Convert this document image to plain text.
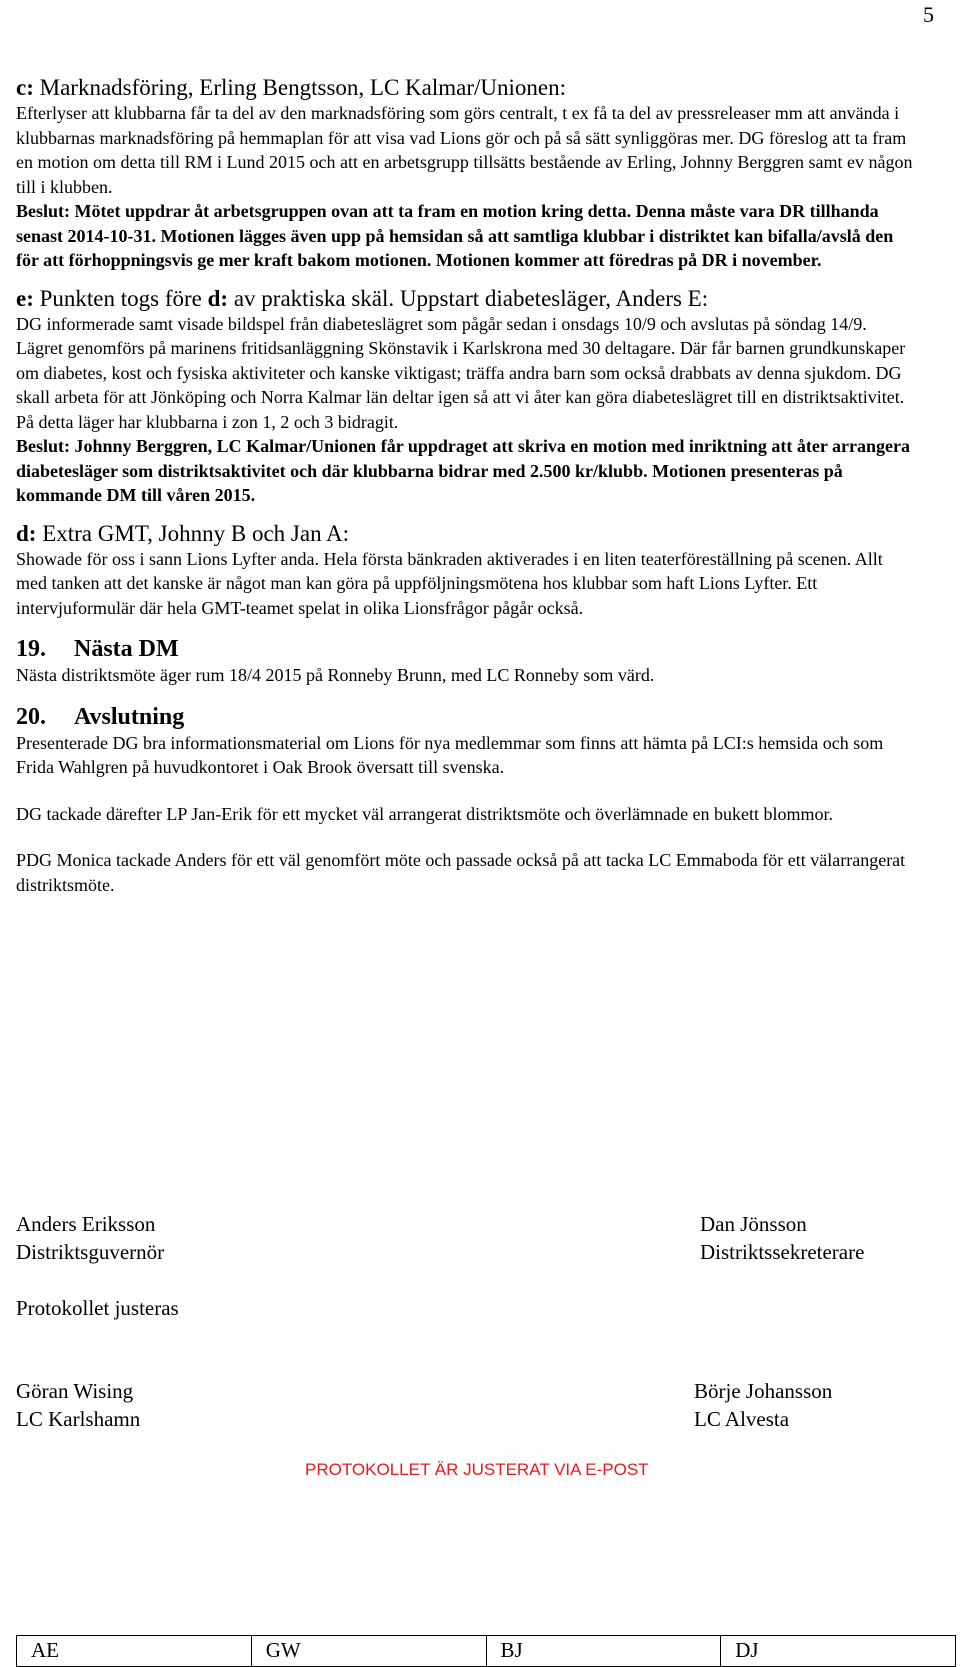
5
c: Marknadsföring, Erling Bengtsson, LC Kalmar/Unionen:

Efterlyser att klubbarna får ta del av den marknadsföring som görs centralt, t ex få ta del av pressreleaser mm att använda i klubbarnas marknadsföring på hemmaplan för att visa vad Lions gör och på så sätt synliggöras mer. DG föreslog att ta fram en motion om detta till RM i Lund 2015 och att en arbetsgrupp tillsätts bestående av Erling, Johnny Berggren samt ev någon till i klubben.

Beslut: Mötet uppdrar åt arbetsgruppen ovan att ta fram en motion kring detta. Denna måste vara DR tillhanda senast 2014-10-31. Motionen lägges även upp på hemsidan så att samtliga klubbar i distriktet kan bifalla/avslå den för att förhoppningsvis ge mer kraft bakom motionen. Motionen kommer att föredras på DR i november.

e: Punkten togs före d: av praktiska skäl. Uppstart diabetesläger, Anders E:

DG informerade samt visade bildspel från diabeteslägret som pågår sedan i onsdags 10/9 och avslutas på söndag 14/9. Lägret genomförs på marinens fritidsanläggning Skönstavik i Karlskrona med 30 deltagare. Där får barnen grundkunskaper om diabetes, kost och fysiska aktiviteter och kanske viktigast; träffa andra barn som också drabbats av denna sjukdom. DG skall arbeta för att Jönköping och Norra Kalmar län deltar igen så att vi åter kan göra diabeteslägret till en distriktsaktivitet. På detta läger har klubbarna i zon 1, 2 och 3 bidragit.

Beslut: Johnny Berggren, LC Kalmar/Unionen får uppdraget att skriva en motion med inriktning att åter arrangera diabetesläger som distriktsaktivitet och där klubbarna bidrar med 2.500 kr/klubb. Motionen presenteras på kommande DM till våren 2015.

d: Extra GMT, Johnny B och Jan A:

Showade för oss i sann Lions Lyfter anda. Hela första bänkraden aktiverades i en liten teaterföreställning på scenen. Allt med tanken att det kanske är något man kan göra på uppföljningsmötena hos klubbar som haft Lions Lyfter. Ett intervjuformulär där hela GMT-teamet spelat in olika Lionsfrågor pågår också.

19. Nästa DM

Nästa distriktsmöte äger rum 18/4 2015 på Ronneby Brunn, med LC Ronneby som värd.

20. Avslutning

Presenterade DG bra informationsmaterial om Lions för nya medlemmar som finns att hämta på LCI:s hemsida och som Frida Wahlgren på huvudkontoret i Oak Brook översatt till svenska.

DG tackade därefter LP Jan-Erik för ett mycket väl arrangerat distriktsmöte och överlämnade en bukett blommor.

PDG Monica tackade Anders för ett väl genomfört möte och passade också på att tacka LC Emmaboda för ett välarrangerat distriktsmöte.

Anders Eriksson
Distriktsguvernör
Dan Jönsson
Distriktssekreterare
Protokollet justeras
Göran Wising
LC Karlshamn
Börje Johansson
LC Alvesta
PROTOKOLLET ÄR JUSTERAT VIA E-POST
AE	GW	BJ	DJ
